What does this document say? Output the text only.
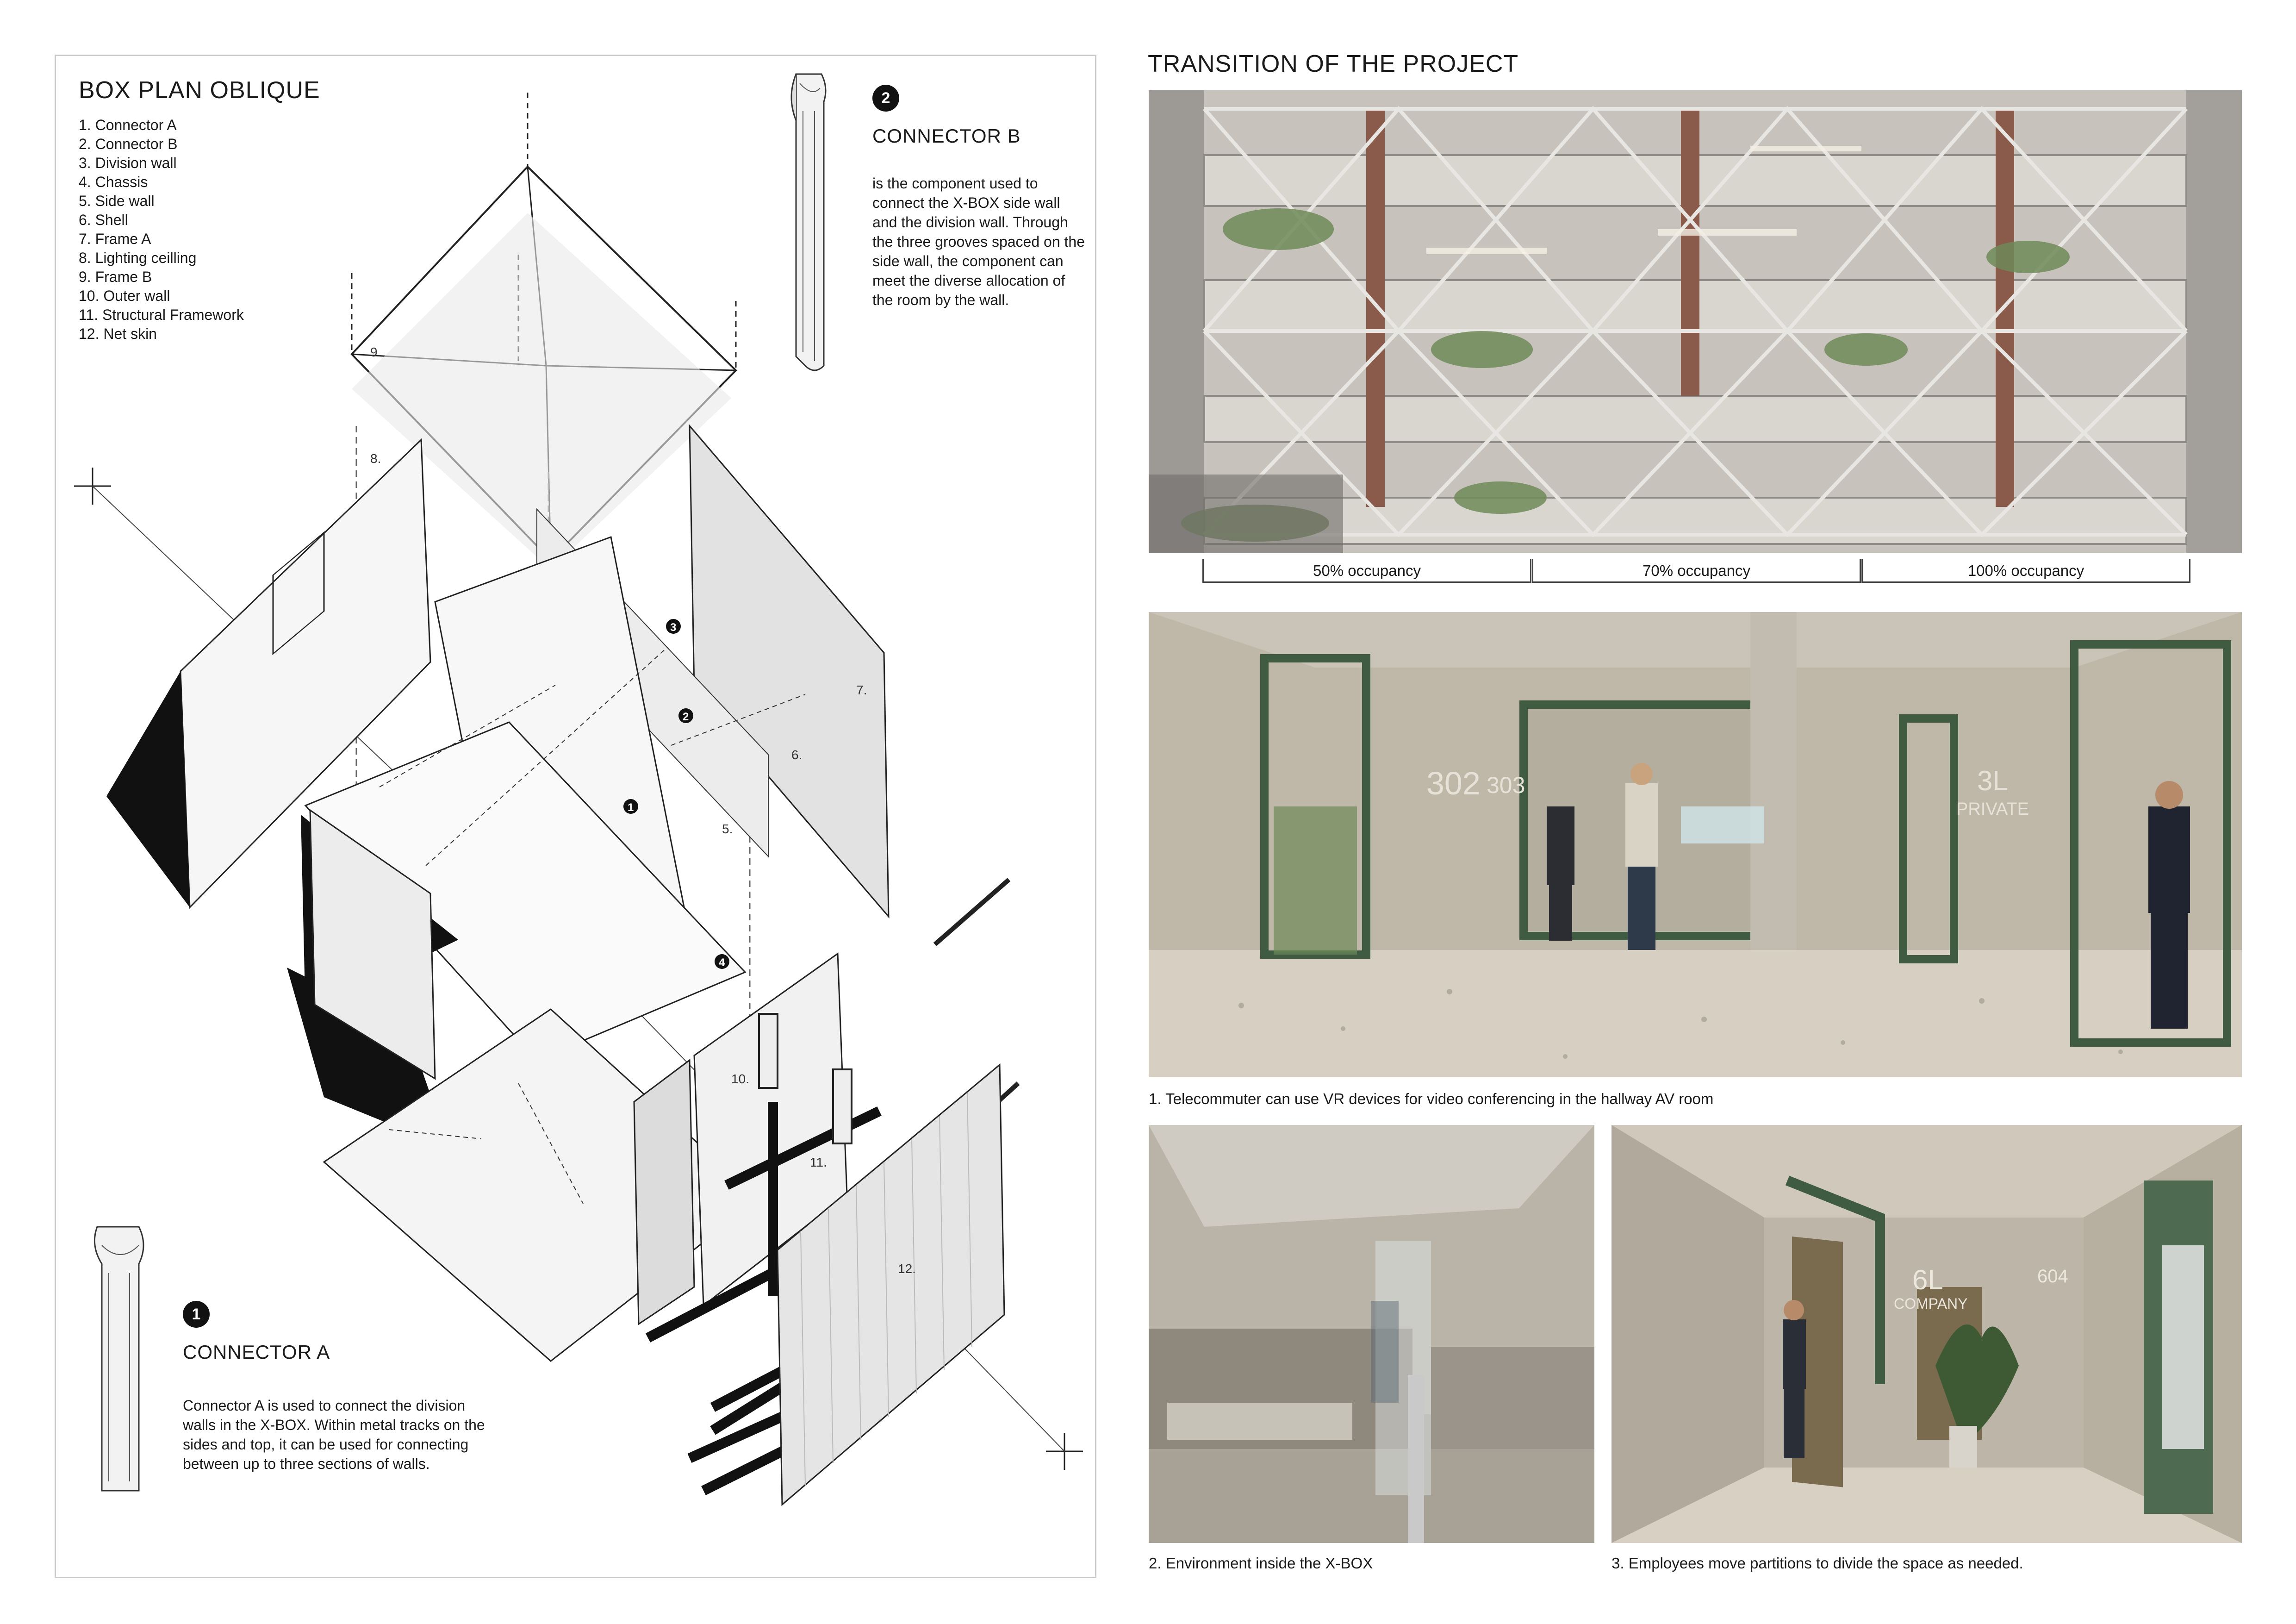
BOX PLAN OBLIQUE
1. Connector A
2. Connector B
3. Division wall
4. Chassis
5. Side wall
6. Shell
7. Frame A
8. Lighting ceilling
9. Frame B
10. Outer wall
11. Structural Framework
12. Net skin
2
CONNECTOR B
is the component used to connect the X-BOX side wall and the division wall. Through the three grooves spaced on the side wall, the component can meet the diverse allocation of the room by the wall.
1
CONNECTOR A
Connector A is used to connect the division walls in the X-BOX. Within metal tracks on the sides and top, it can be used for connecting between up to three sections of walls.
9.
8.
7.
6.
5.
10.
11.
12.
1
2
3
4
TRANSITION OF THE PROJECT
50% occupancy	70% occupancy	100% occupancy
302 303	3L
PRIVATE
1. Telecommuter can use VR devices for video conferencing in the hallway AV room
2. Environment inside the X-BOX
6L
COMPANY
604
3. Employees move partitions to divide the space as needed.
